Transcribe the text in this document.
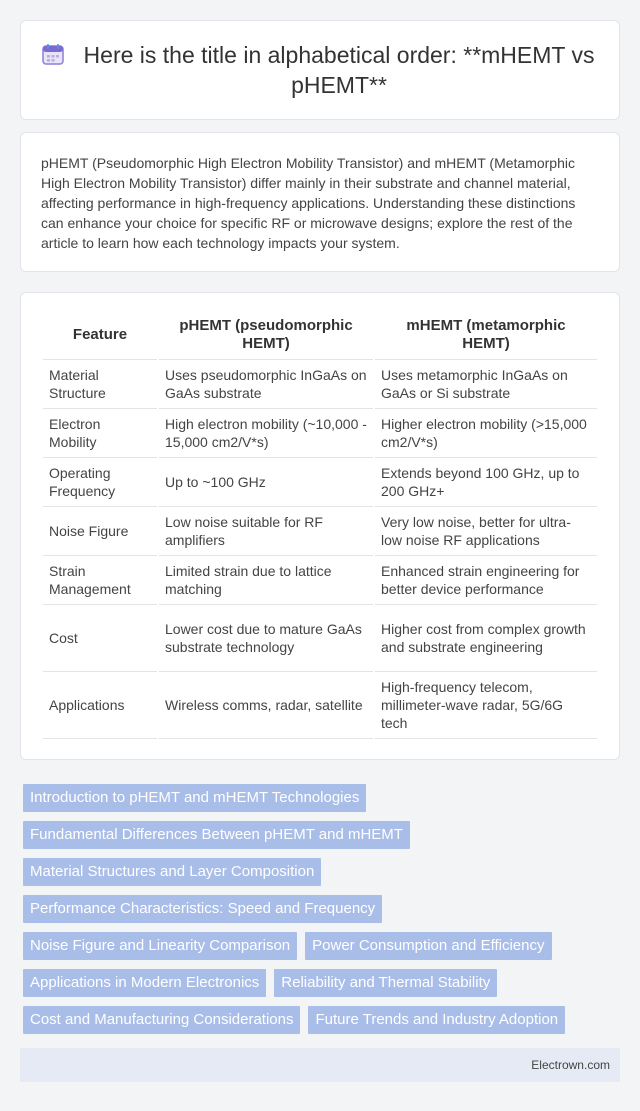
Here is the title in alphabetical order: **mHEMT vs pHEMT**

pHEMT (Pseudomorphic High Electron Mobility Transistor) and mHEMT (Metamorphic High Electron Mobility Transistor) differ mainly in their substrate and channel material, affecting performance in high-frequency applications. Understanding these distinctions can enhance your choice for specific RF or microwave designs; explore the rest of the article to learn how each technology impacts your system.

Feature	pHEMT (pseudomorphic HEMT)	mHEMT (metamorphic HEMT)
Material Structure	Uses pseudomorphic InGaAs on GaAs substrate	Uses metamorphic InGaAs on GaAs or Si substrate
Electron Mobility	High electron mobility (~10,000 - 15,000 cm2/V*s)	Higher electron mobility (>15,000 cm2/V*s)
Operating Frequency	Up to ~100 GHz	Extends beyond 100 GHz, up to 200 GHz+
Noise Figure	Low noise suitable for RF amplifiers	Very low noise, better for ultra-low noise RF applications
Strain Management	Limited strain due to lattice matching	Enhanced strain engineering for better device performance
Cost	Lower cost due to mature GaAs substrate technology	Higher cost from complex growth and substrate engineering
Applications	Wireless comms, radar, satellite	High-frequency telecom, millimeter-wave radar, 5G/6G tech
Introduction to pHEMT and mHEMT Technologies
Fundamental Differences Between pHEMT and mHEMT
Material Structures and Layer Composition
Performance Characteristics: Speed and Frequency
Noise Figure and Linearity Comparison	Power Consumption and Efficiency
Applications in Modern Electronics	Reliability and Thermal Stability
Cost and Manufacturing Considerations	Future Trends and Industry Adoption
Electrown.com
